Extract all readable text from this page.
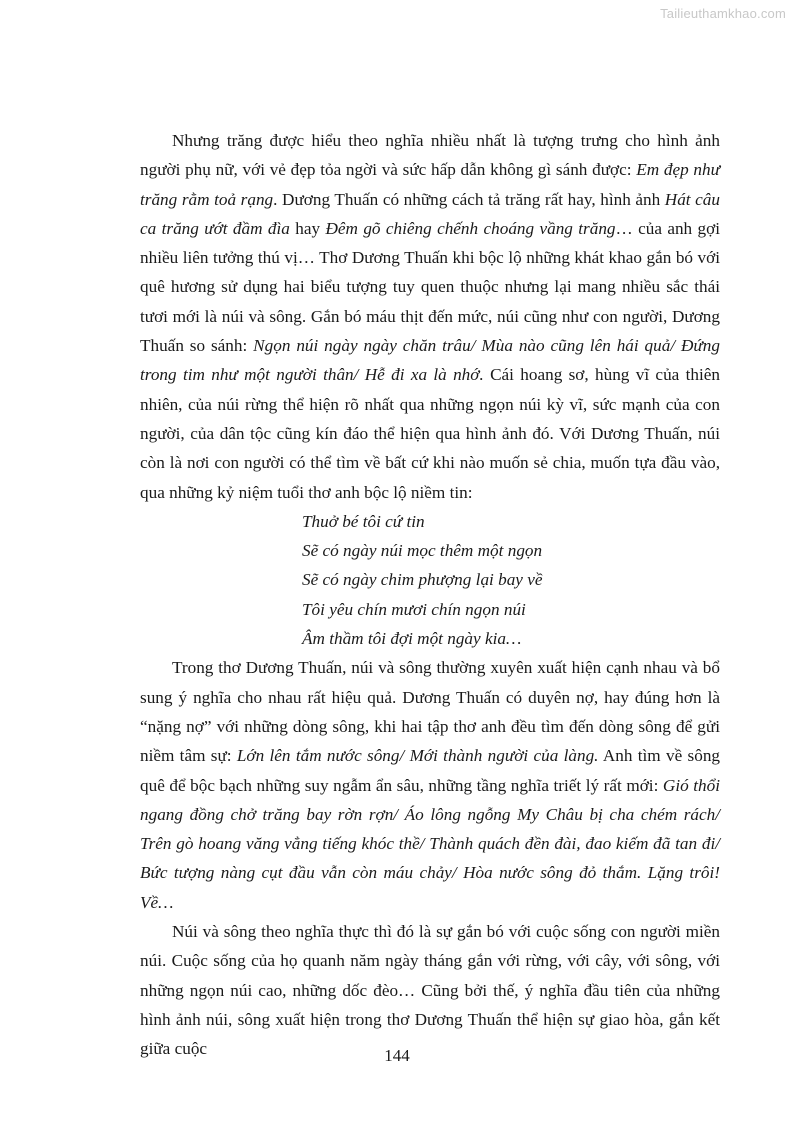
Tailieuthamkhao.com

Nhưng trăng được hiểu theo nghĩa nhiều nhất là tượng trưng cho hình ảnh người phụ nữ, với vẻ đẹp tỏa ngời và sức hấp dẫn không gì sánh được: Em đẹp như trăng rằm toả rạng. Dương Thuấn có những cách tả trăng rất hay, hình ảnh Hát câu ca trăng ướt đầm đìa hay Đêm gõ chiêng chếnh choáng vầng trăng… của anh gợi nhiều liên tưởng thú vị… Thơ Dương Thuấn khi bộc lộ những khát khao gắn bó với quê hương sử dụng hai biểu tượng tuy quen thuộc nhưng lại mang nhiều sắc thái tươi mới là núi và sông. Gắn bó máu thịt đến mức, núi cũng như con người, Dương Thuấn so sánh: Ngọn núi ngày ngày chăn trâu/ Mùa nào cũng lên hái quả/ Đứng trong tim như một người thân/ Hễ đi xa là nhớ. Cái hoang sơ, hùng vĩ của thiên nhiên, của núi rừng thể hiện rõ nhất qua những ngọn núi kỳ vĩ, sức mạnh của con người, của dân tộc cũng kín đáo thể hiện qua hình ảnh đó. Với Dương Thuấn, núi còn là nơi con người có thể tìm về bất cứ khi nào muốn sẻ chia, muốn tựa đầu vào, qua những kỷ niệm tuổi thơ anh bộc lộ niềm tin:

Thuở bé tôi cứ tin
Sẽ có ngày núi mọc thêm một ngọn
Sẽ có ngày chim phượng lại bay về
Tôi yêu chín mươi chín ngọn núi
Âm thầm tôi đợi một ngày kia…

Trong thơ Dương Thuấn, núi và sông thường xuyên xuất hiện cạnh nhau và bổ sung ý nghĩa cho nhau rất hiệu quả. Dương Thuấn có duyên nợ, hay đúng hơn là “nặng nợ” với những dòng sông, khi hai tập thơ anh đều tìm đến dòng sông để gửi niềm tâm sự: Lớn lên tắm nước sông/ Mới thành người của làng. Anh tìm về sông quê để bộc bạch những suy ngẫm ẩn sâu, những tầng nghĩa triết lý rất mới: Gió thổi ngang đồng chở trăng bay rờn rợn/ Áo lông ngỗng My Châu bị cha chém rách/ Trên gò hoang văng vẳng tiếng khóc thề/ Thành quách đền đài, đao kiếm đã tan đi/ Bức tượng nàng cụt đầu vẫn còn máu chảy/ Hòa nước sông đỏ thắm. Lặng trôi! Về…

Núi và sông theo nghĩa thực thì đó là sự gắn bó với cuộc sống con người miền núi. Cuộc sống của họ quanh năm ngày tháng gắn với rừng, với cây, với sông, với những ngọn núi cao, những dốc đèo… Cũng bởi thế, ý nghĩa đầu tiên của những hình ảnh núi, sông xuất hiện trong thơ Dương Thuấn thể hiện sự giao hòa, gắn kết giữa cuộc	144
